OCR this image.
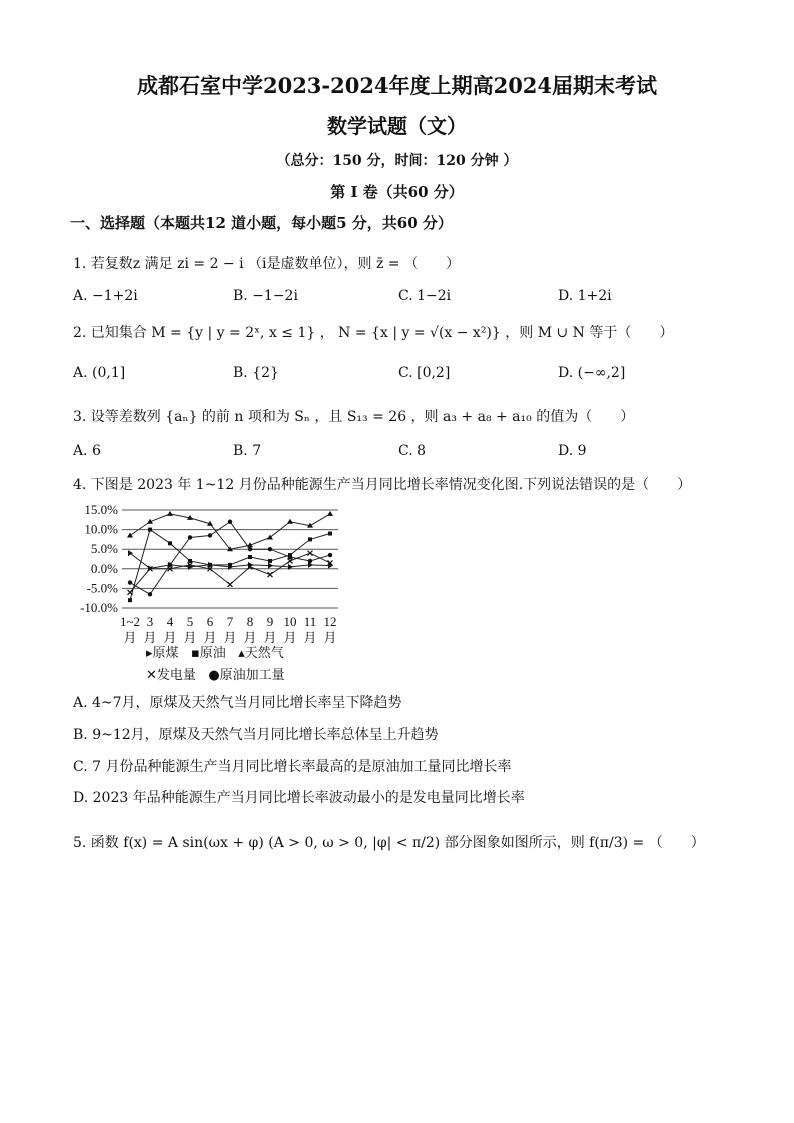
成都石室中学2023-2024年度上期高2024届期末考试
数学试题（文）
（总分：150 分，时间：120 分钟 ）
第 I 卷（共60 分）
一、选择题（本题共12 道小题，每小题5 分，共60 分）
1. 若复数z 满足 zi = 2 − i （i是虚数单位），则 z̄ = （　　）
A. −1+2i	B. −1−2i	C. 1−2i	D. 1+2i
2. 已知集合 M = {y | y = 2ˣ, x ≤ 1} ， N = {x | y = √(x − x²)} ，则 M ∪ N 等于（　　）
A. (0,1]	B. {2}	C. [0,2]	D. (−∞,2]
3. 设等差数列 {aₙ} 的前 n 项和为 Sₙ ，且 S₁₃ = 26 ，则 a₃ + a₈ + a₁₀ 的值为（　　）
A. 6	B. 7	C. 8	D. 9
4. 下图是 2023 年 1~12 月份品种能源生产当月同比增长率情况变化图.下列说法错误的是（　　）
15.0%
10.0%
5.0%
0.0%
-5.0%
-10.0%
1~2
月
3
月
4
月
5
月
6
月
7
月
8
月
9
月
10
月
11
月
12
月
▸原煤 ▪原油 ▴天然气
✕发电量 ●原油加工量
A. 4~7月，原煤及天然气当月同比增长率呈下降趋势
B. 9~12月，原煤及天然气当月同比增长率总体呈上升趋势
C. 7 月份品种能源生产当月同比增长率最高的是原油加工量同比增长率
D. 2023 年品种能源生产当月同比增长率波动最小的是发电量同比增长率
5. 函数 f(x) = A sin(ωx + φ) (A > 0, ω > 0, |φ| < π/2) 部分图象如图所示，则 f(π/3) = （　　）
